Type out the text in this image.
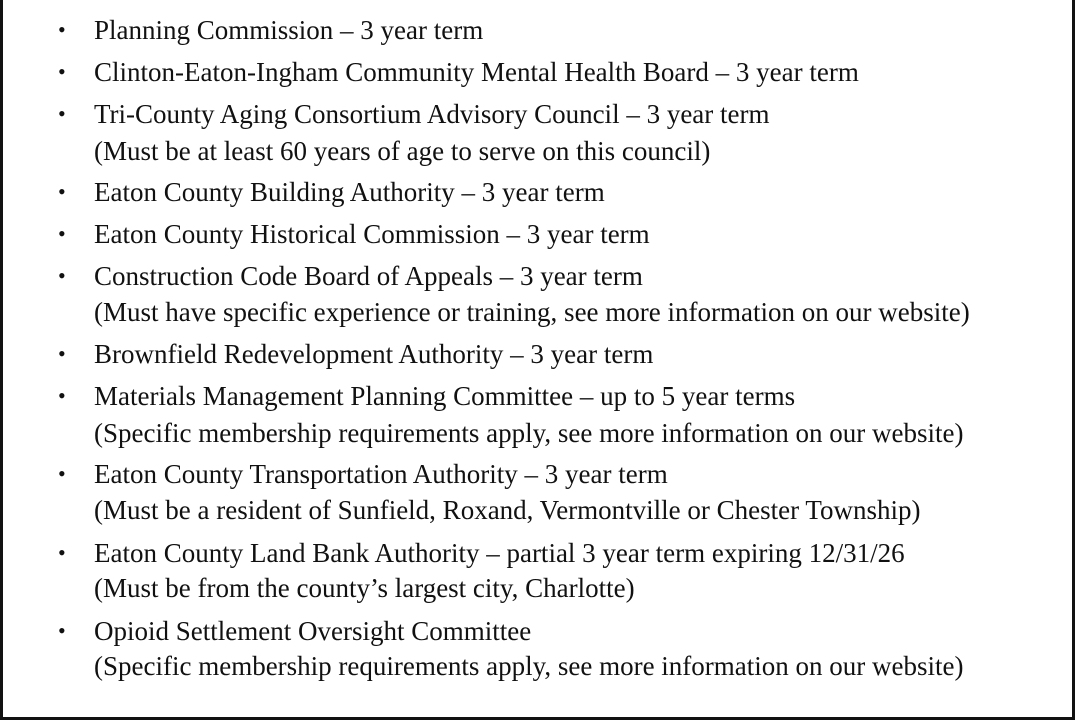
• Planning Commission – 3 year term
• Clinton-Eaton-Ingham Community Mental Health Board – 3 year term
• Tri-County Aging Consortium Advisory Council – 3 year term
(Must be at least 60 years of age to serve on this council)
• Eaton County Building Authority – 3 year term
• Eaton County Historical Commission – 3 year term
• Construction Code Board of Appeals – 3 year term
(Must have specific experience or training, see more information on our website)
• Brownfield Redevelopment Authority – 3 year term
• Materials Management Planning Committee – up to 5 year terms
(Specific membership requirements apply, see more information on our website)
• Eaton County Transportation Authority – 3 year term
(Must be a resident of Sunfield, Roxand, Vermontville or Chester Township)
• Eaton County Land Bank Authority – partial 3 year term expiring 12/31/26
(Must be from the county’s largest city, Charlotte)
• Opioid Settlement Oversight Committee
(Specific membership requirements apply, see more information on our website)
